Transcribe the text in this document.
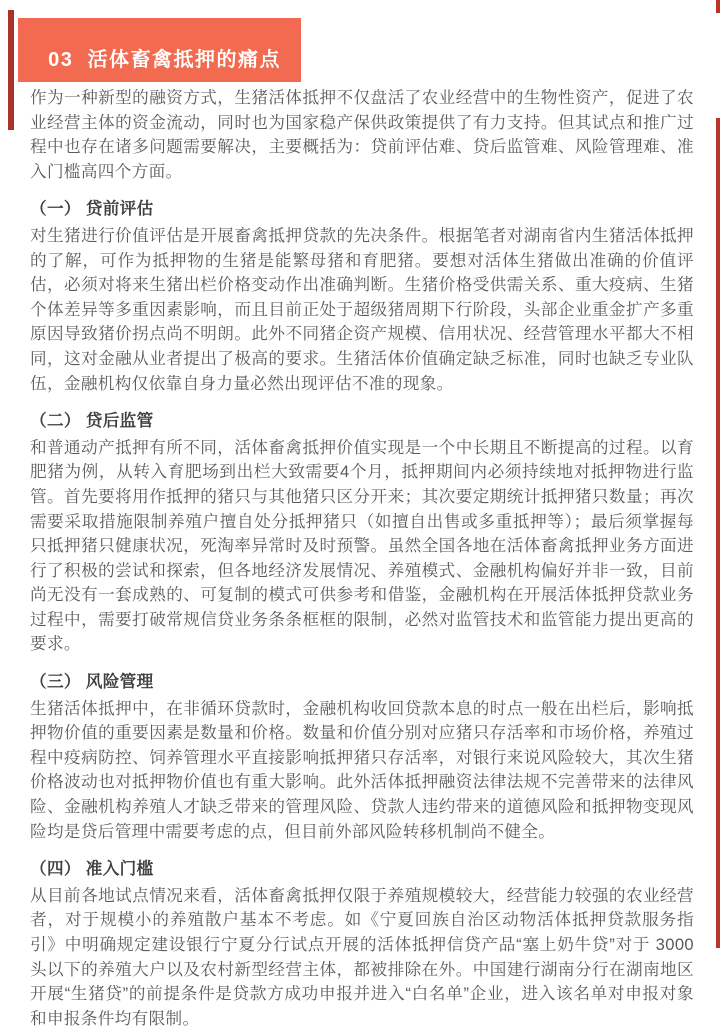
03  活体畜禽抵押的痛点

作为一种新型的融资方式，生猪活体抵押不仅盘活了农业经营中的生物性资产，促进了农业经营主体的资金流动，同时也为国家稳产保供政策提供了有力支持。但其试点和推广过程中也存在诸多问题需要解决，主要概括为：贷前评估难、贷后监管难、风险管理难、准入门槛高四个方面。

（一） 贷前评估

对生猪进行价值评估是开展畜禽抵押贷款的先决条件。根据笔者对湖南省内生猪活体抵押的了解，可作为抵押物的生猪是能繁母猪和育肥猪。要想对活体生猪做出准确的价值评估，必须对将来生猪出栏价格变动作出准确判断。生猪价格受供需关系、重大疫病、生猪个体差异等多重因素影响，而且目前正处于超级猪周期下行阶段，头部企业重金扩产多重原因导致猪价拐点尚不明朗。此外不同猪企资产规模、信用状况、经营管理水平都大不相同，这对金融从业者提出了极高的要求。生猪活体价值确定缺乏标准，同时也缺乏专业队伍，金融机构仅依靠自身力量必然出现评估不准的现象。

（二） 贷后监管

和普通动产抵押有所不同，活体畜禽抵押价值实现是一个中长期且不断提高的过程。以育肥猪为例，从转入育肥场到出栏大致需要4个月，抵押期间内必须持续地对抵押物进行监管。首先要将用作抵押的猪只与其他猪只区分开来；其次要定期统计抵押猪只数量；再次需要采取措施限制养殖户擅自处分抵押猪只（如擅自出售或多重抵押等）；最后须掌握每只抵押猪只健康状况，死淘率异常时及时预警。虽然全国各地在活体畜禽抵押业务方面进行了积极的尝试和探索，但各地经济发展情况、养殖模式、金融机构偏好并非一致，目前尚无没有一套成熟的、可复制的模式可供参考和借鉴，金融机构在开展活体抵押贷款业务过程中，需要打破常规信贷业务条条框框的限制，必然对监管技术和监管能力提出更高的要求。

（三） 风险管理

生猪活体抵押中，在非循环贷款时，金融机构收回贷款本息的时点一般在出栏后，影响抵押物价值的重要因素是数量和价格。数量和价值分别对应猪只存活率和市场价格，养殖过程中疫病防控、饲养管理水平直接影响抵押猪只存活率，对银行来说风险较大，其次生猪价格波动也对抵押物价值也有重大影响。此外活体抵押融资法律法规不完善带来的法律风险、金融机构养殖人才缺乏带来的管理风险、贷款人违约带来的道德风险和抵押物变现风险均是贷后管理中需要考虑的点，但目前外部风险转移机制尚不健全。

（四） 准入门槛

从目前各地试点情况来看，活体畜禽抵押仅限于养殖规模较大，经营能力较强的农业经营者，对于规模小的养殖散户基本不考虑。如《宁夏回族自治区动物活体抵押贷款服务指引》中明确规定建设银行宁夏分行试点开展的活体抵押信贷产品“塞上奶牛贷”对于 3000 头以下的养殖大户以及农村新型经营主体，都被排除在外。中国建行湖南分行在湖南地区开展“生猪贷”的前提条件是贷款方成功申报并进入“白名单”企业，进入该名单对申报对象和申报条件均有限制。
